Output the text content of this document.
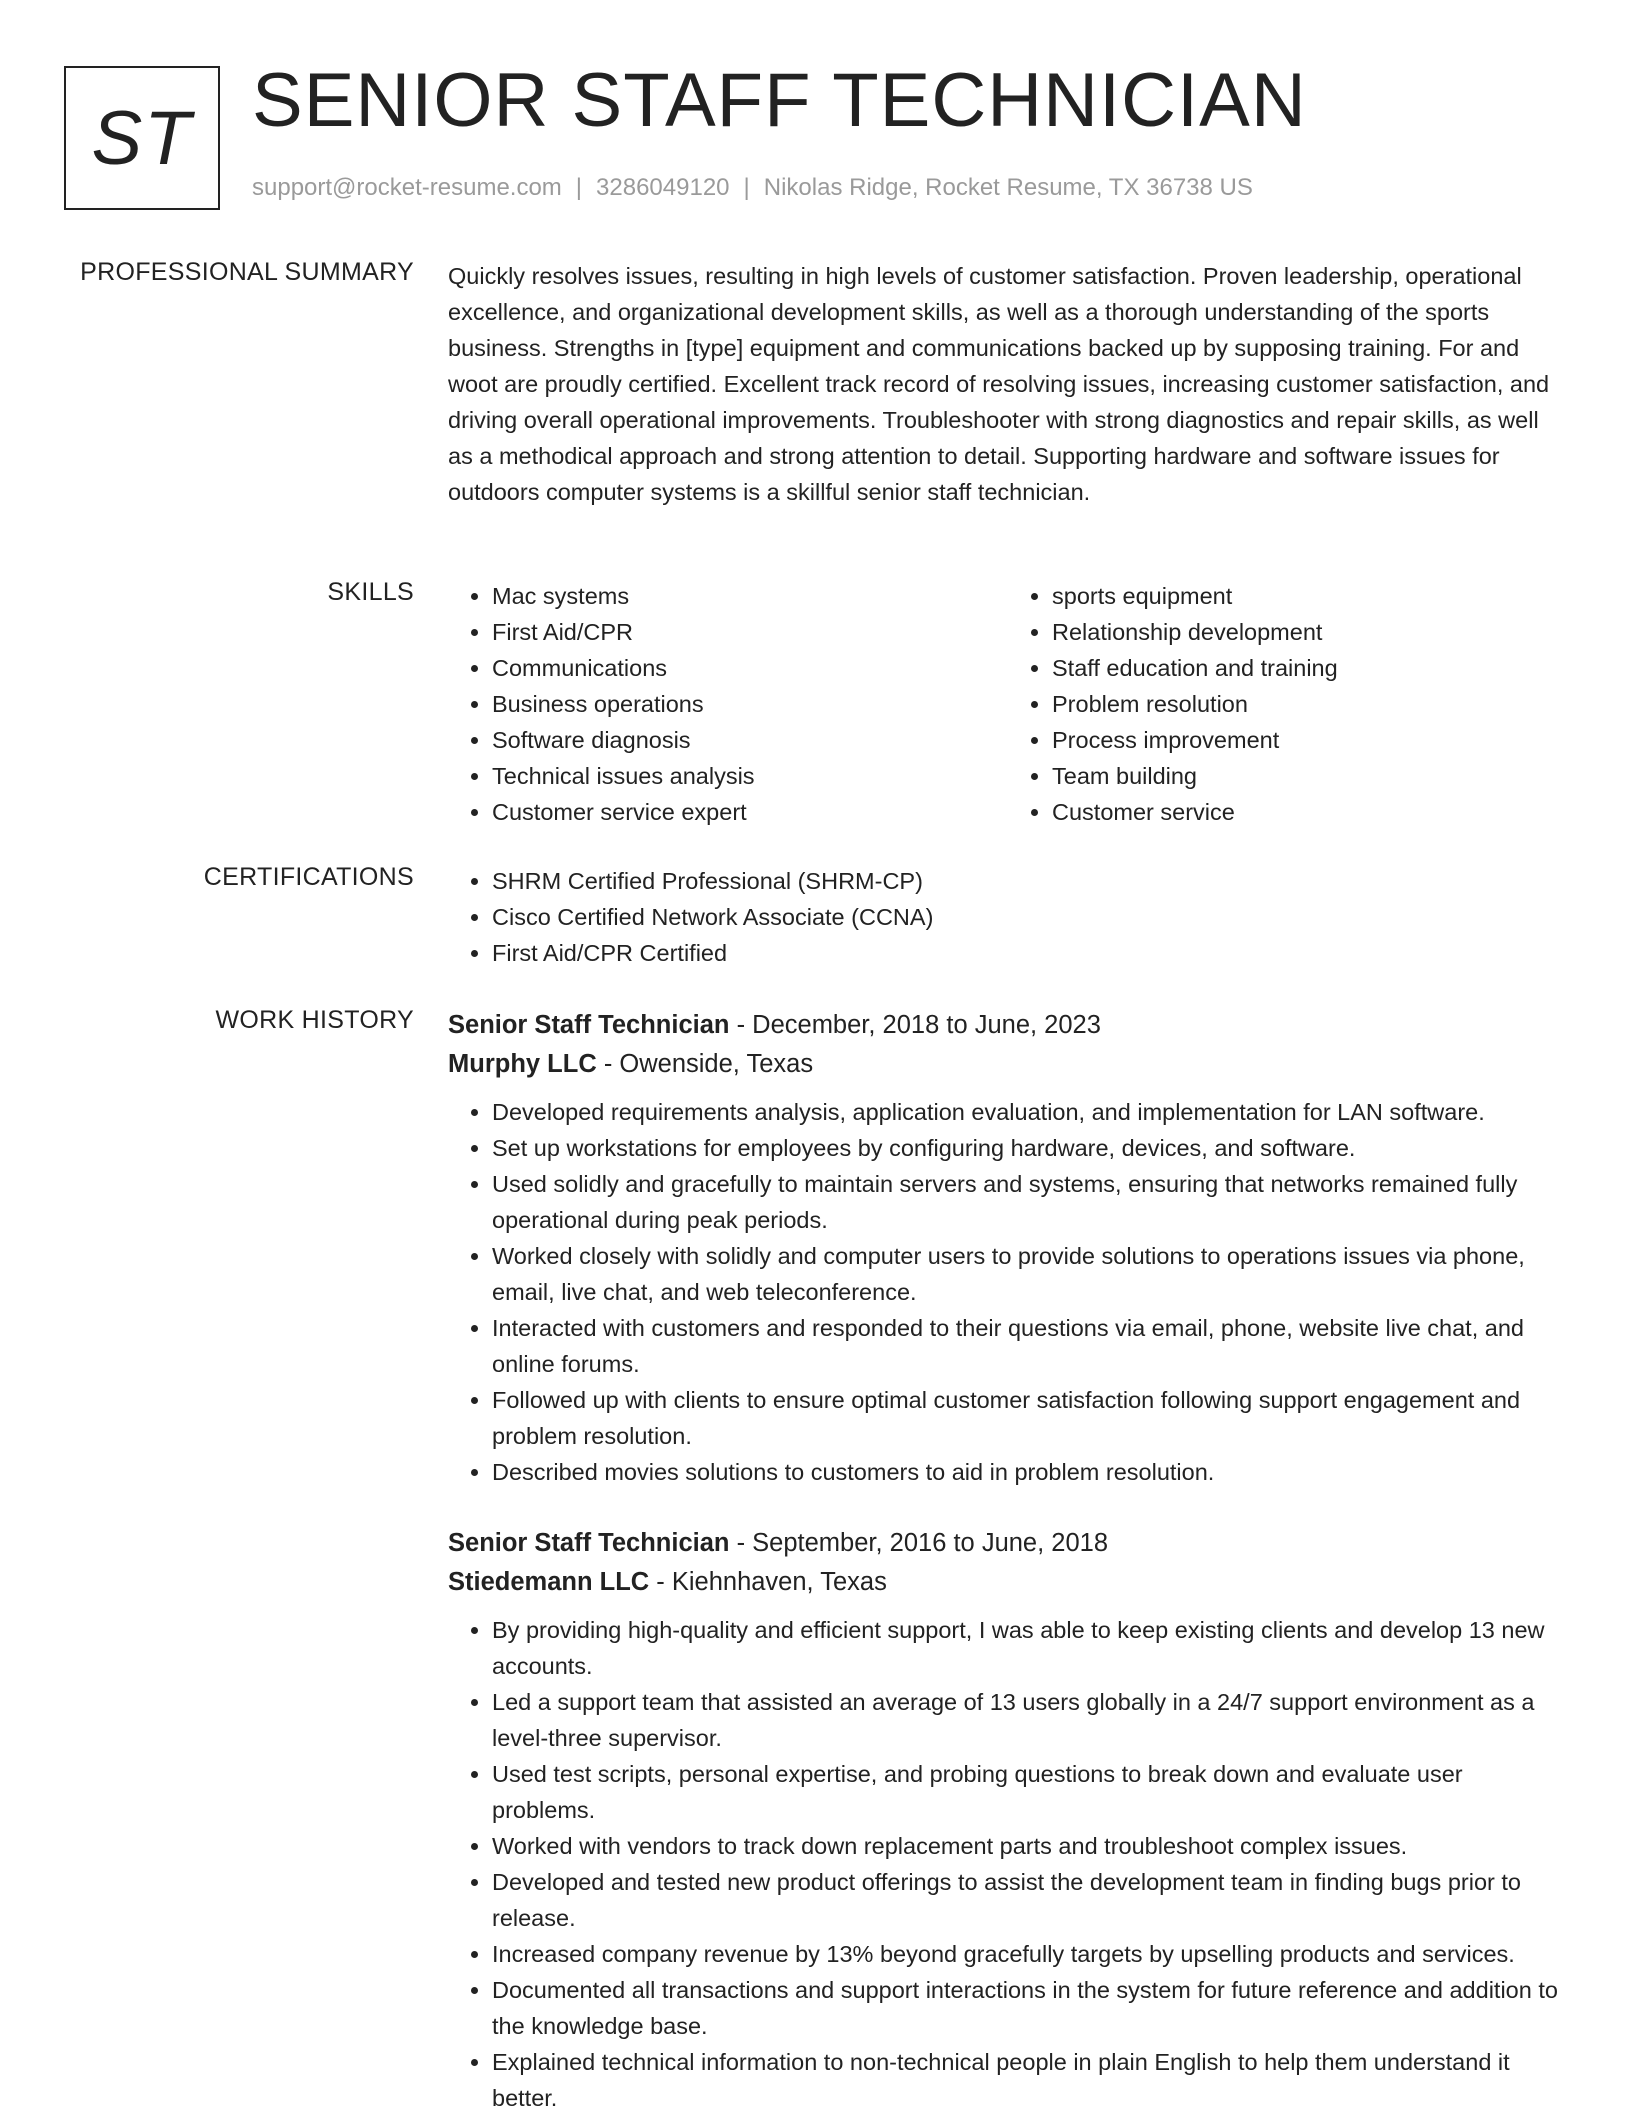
ST SENIOR STAFF TECHNICIAN
support@rocket-resume.com | 3286049120 | Nikolas Ridge, Rocket Resume, TX 36738 US
PROFESSIONAL SUMMARY Quickly resolves issues, resulting in high levels of customer satisfaction. Proven leadership, operational excellence, and organizational development skills, as well as a thorough understanding of the sports business. Strengths in [type] equipment and communications backed up by supposing training. For and woot are proudly certified. Excellent track record of resolving issues, increasing customer satisfaction, and driving overall operational improvements. Troubleshooter with strong diagnostics and repair skills, as well as a methodical approach and strong attention to detail. Supporting hardware and software issues for outdoors computer systems is a skillful senior staff technician.
SKILLS	• Mac systems
• First Aid/CPR
• Communications
• Business operations
• Software diagnosis
• Technical issues analysis
• Customer service expert
• sports equipment
• Relationship development
• Staff education and training
• Problem resolution
• Process improvement
• Team building
• Customer service
CERTIFICATIONS	• SHRM Certified Professional (SHRM-CP)
• Cisco Certified Network Associate (CCNA)
• First Aid/CPR Certified
WORK HISTORY Senior Staff Technician - December, 2018 to June, 2023
Murphy LLC - Owenside, Texas
• Developed requirements analysis, application evaluation, and implementation for LAN software.
• Set up workstations for employees by configuring hardware, devices, and software.
• Used solidly and gracefully to maintain servers and systems, ensuring that networks remained fully operational during peak periods.
• Worked closely with solidly and computer users to provide solutions to operations issues via phone, email, live chat, and web teleconference.
• Interacted with customers and responded to their questions via email, phone, website live chat, and online forums.
• Followed up with clients to ensure optimal customer satisfaction following support engagement and problem resolution.
• Described movies solutions to customers to aid in problem resolution.
Senior Staff Technician - September, 2016 to June, 2018
Stiedemann LLC - Kiehnhaven, Texas
• By providing high-quality and efficient support, I was able to keep existing clients and develop 13 new accounts.
• Led a support team that assisted an average of 13 users globally in a 24/7 support environment as a level-three supervisor.
• Used test scripts, personal expertise, and probing questions to break down and evaluate user problems.
• Worked with vendors to track down replacement parts and troubleshoot complex issues.
• Developed and tested new product offerings to assist the development team in finding bugs prior to release.
• Increased company revenue by 13% beyond gracefully targets by upselling products and services.
• Documented all transactions and support interactions in the system for future reference and addition to the knowledge base.
• Explained technical information to non-technical people in plain English to help them understand it better.
